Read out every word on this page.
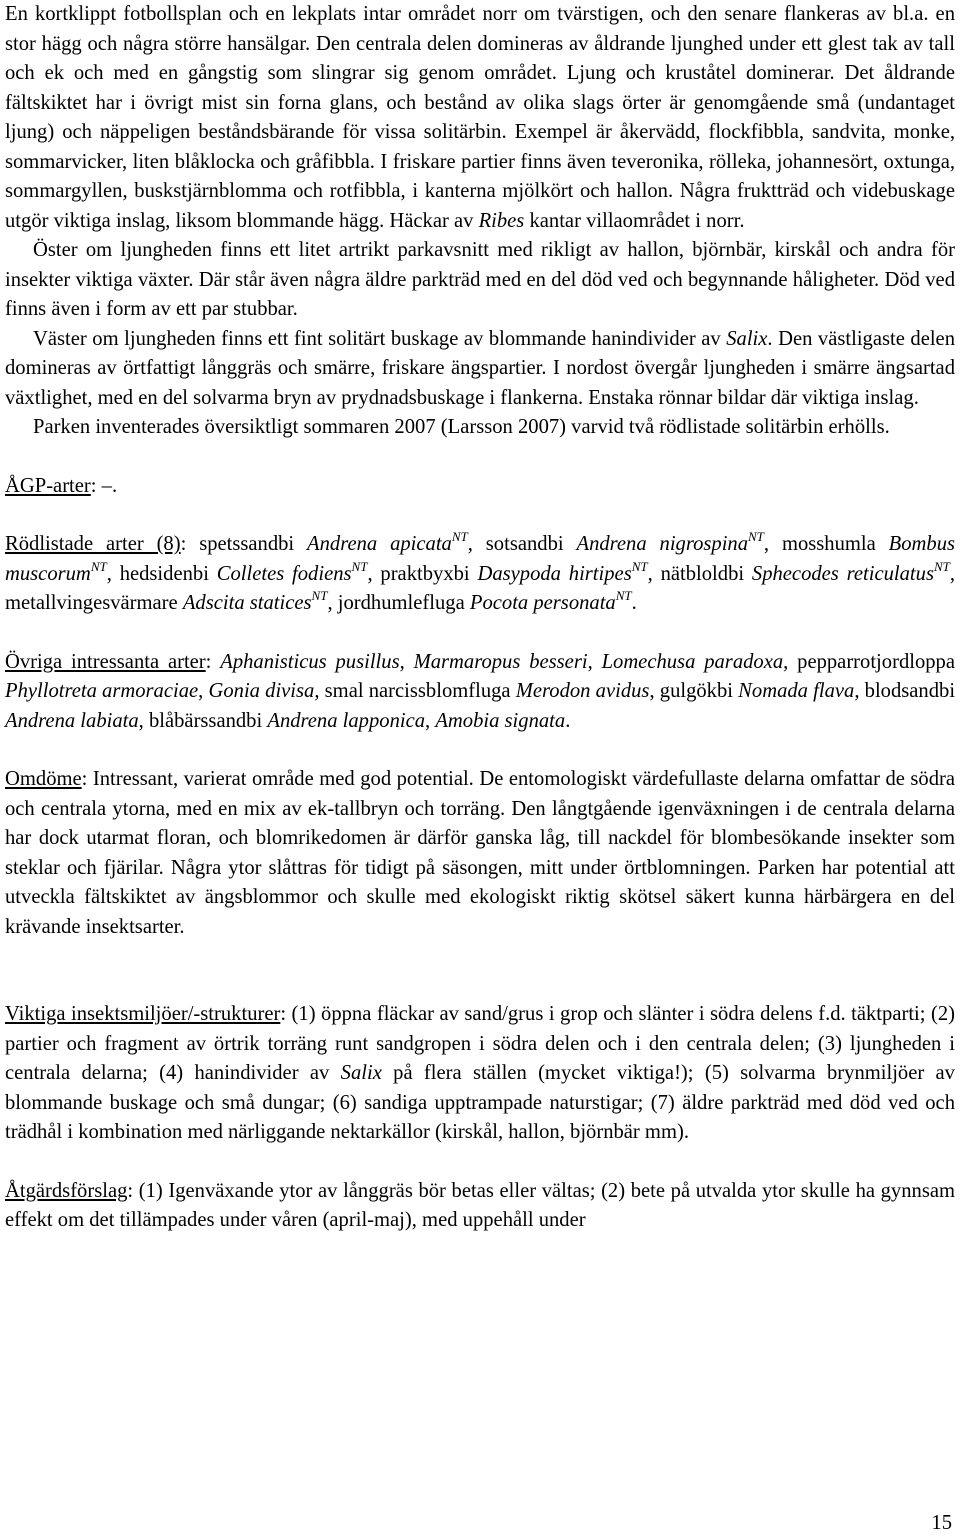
En kortklippt fotbollsplan och en lekplats intar området norr om tvärstigen, och den senare flankeras av bl.a. en stor hägg och några större hansälgar. Den centrala delen domineras av åldrande ljunghed under ett glest tak av tall och ek och med en gångstig som slingrar sig genom området. Ljung och kruståtel dominerar. Det åldrande fältskiktet har i övrigt mist sin forna glans, och bestånd av olika slags örter är genomgående små (undantaget ljung) och näppeligen beståndsbärande för vissa solitärbin. Exempel är åkervädd, flockfibbla, sandvita, monke, sommarvicker, liten blåklocka och gråfibbla. I friskare partier finns även teveronika, rölleka, johannesört, oxtunga, sommargyllen, buskstjärnblomma och rotfibbla, i kanterna mjölkört och hallon. Några fruktträd och videbuskage utgör viktiga inslag, liksom blommande hägg. Häckar av Ribes kantar villaområdet i norr.

Öster om ljungheden finns ett litet artrikt parkavsnitt med rikligt av hallon, björnbär, kirskål och andra för insekter viktiga växter. Där står även några äldre parkträd med en del död ved och begynnande håligheter. Död ved finns även i form av ett par stubbar.

Väster om ljungheden finns ett fint solitärt buskage av blommande hanindivider av Salix. Den västligaste delen domineras av örtfattigt långgräs och smärre, friskare ängspartier. I nordost övergår ljungheden i smärre ängsartad växtlighet, med en del solvarma bryn av prydnadsbuskage i flankerna. Enstaka rönnar bildar där viktiga inslag.

Parken inventerades översiktligt sommaren 2007 (Larsson 2007) varvid två rödlistade solitärbin erhölls.

ÅGP-arter: –.

Rödlistade arter (8): spetssandbi Andrena apicata$^{NT}$, sotsandbi Andrena nigrospina$^{NT}$, mosshumla Bombus muscorum$^{NT}$, hedsidenbi Colletes fodiens$^{NT}$, praktbyxbi Dasypoda hirtipes$^{NT}$, nätbloldbi Sphecodes reticulatus$^{NT}$, metallvingesvärmare Adscita statices$^{NT}$, jordhumlefluga Pocota personata$^{NT}$.

Övriga intressanta arter: Aphanisticus pusillus, Marmaropus besseri, Lomechusa paradoxa, pepparrotjordloppa Phyllotreta armoraciae, Gonia divisa, smal narcissblomfluga Merodon avidus, gulgökbi Nomada flava, blodsandbi Andrena labiata, blåbärssandbi Andrena lapponica, Amobia signata.

Omdöme: Intressant, varierat område med god potential. De entomologiskt värdefullaste delarna omfattar de södra och centrala ytorna, med en mix av ek-tallbryn och torräng. Den långtgående igenväxningen i de centrala delarna har dock utarmat floran, och blomrikedomen är därför ganska låg, till nackdel för blombesökande insekter som steklar och fjärilar. Några ytor slåttras för tidigt på säsongen, mitt under örtblomningen. Parken har potential att utveckla fältskiktet av ängsblommor och skulle med ekologiskt riktig skötsel säkert kunna härbärgera en del krävande insektsarter.

Viktiga insektsmiljöer/-strukturer: (1) öppna fläckar av sand/grus i grop och slänter i södra delens f.d. täktparti; (2) partier och fragment av örtrik torräng runt sandgropen i södra delen och i den centrala delen; (3) ljungheden i centrala delarna; (4) hanindivider av Salix på flera ställen (mycket viktiga!); (5) solvarma brynmiljöer av blommande buskage och små dungar; (6) sandiga upptrampade naturstigar; (7) äldre parkträd med död ved och trädhål i kombination med närliggande nektarkällor (kirskål, hallon, björnbär mm).

Åtgärdsförslag: (1) Igenväxande ytor av långgräs bör betas eller vältas; (2) bete på utvalda ytor skulle ha gynnsam effekt om det tillämpades under våren (april-maj), med uppehåll under

15
